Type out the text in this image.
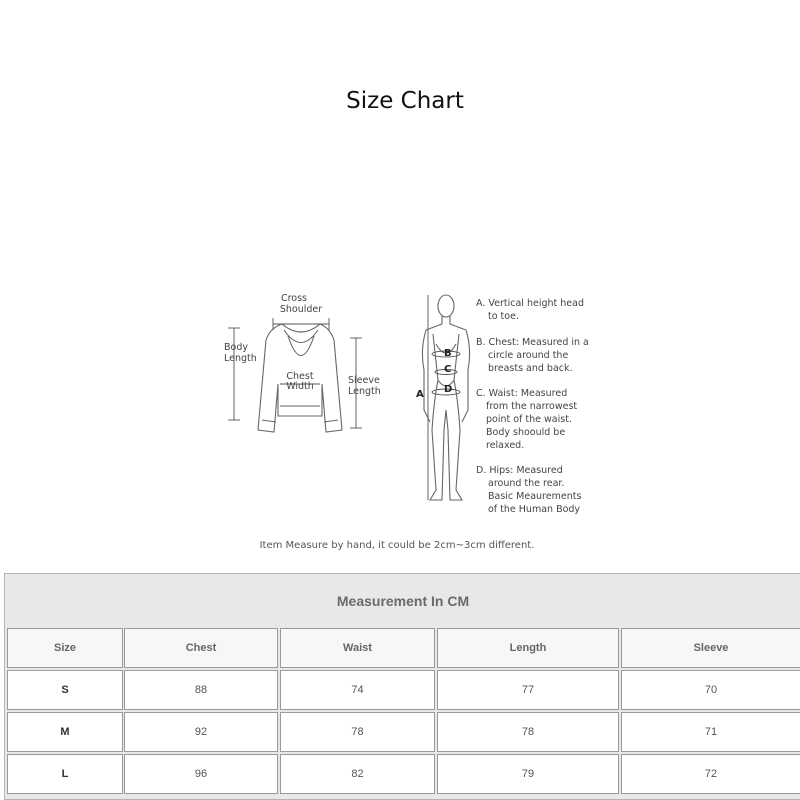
Size Chart
Cross
Shoulder
Body
Length
Chest
Width
Sleeve
Length	A
B
C
D
A. Vertical height head
to toe.
B. Chest: Measured in a
circle around the
breasts and back.
C. Waist: Measured
from the narrowest
point of the waist.
Body shoould be
relaxed.
D. Hips: Measured
around the rear.
Basic Meaurements
of the Human Body
Item Measure by hand, it could be 2cm~3cm different.
Measurement In CM
Size	Chest	Waist	Length	Sleeve
S	88	74	77	70
M	92	78	78	71
L	96	82	79	72
